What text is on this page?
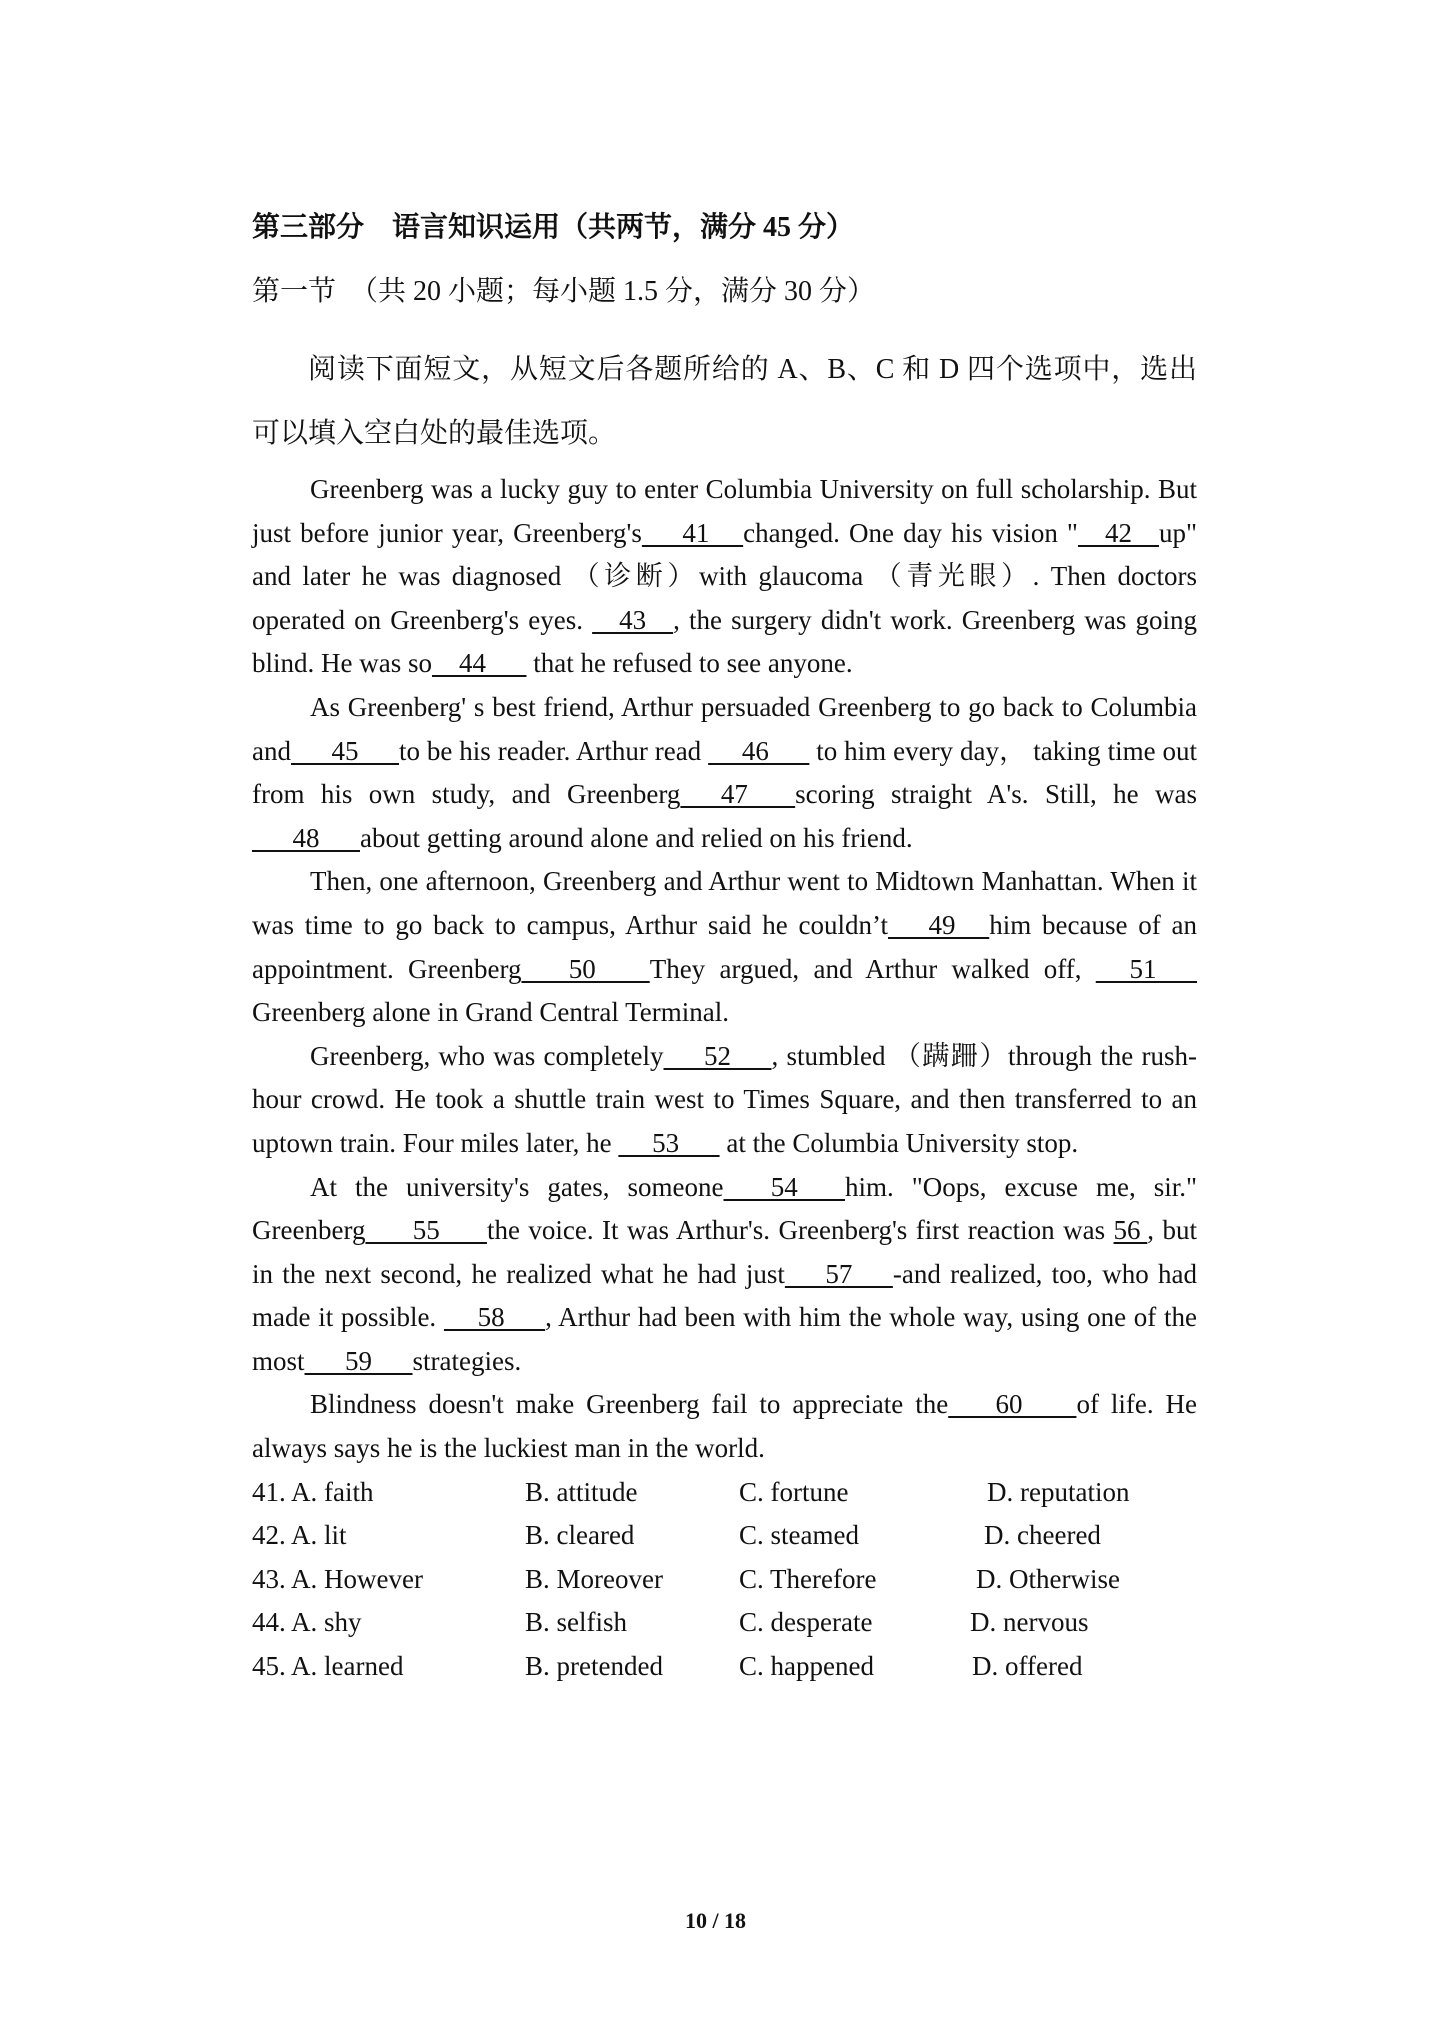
第三部分　语言知识运用（共两节，满分 45 分）
第一节　（共 20 小题；每小题 1.5 分，满分 30 分）
阅读下面短文，从短文后各题所给的 A、B、C 和 D 四个选项中，选出可以填入空白处的最佳选项。

Greenberg was a lucky guy to enter Columbia University on full scholarship. But just before junior year, Greenberg's      41     changed. One day his vision "    42    up" and later he was diagnosed （诊断）with glaucoma （青光眼）. Then doctors operated on Greenberg's eyes.     43    , the surgery didn't work. Greenberg was going blind. He was so    44       that he refused to see anyone.

As Greenberg' s best friend, Arthur persuaded Greenberg to go back to Columbia and      45      to be his reader. Arthur read      46       to him every day， taking time out from his own study, and Greenberg      47       scoring straight A's. Still, he was      48      about getting around alone and relied on his friend.

Then, one afternoon, Greenberg and Arthur went to Midtown Manhattan. When it was time to go back to campus, Arthur said he couldn’t      49     him because of an appointment. Greenberg       50        They argued, and Arthur walked off,      51      Greenberg alone in Grand Central Terminal.

Greenberg, who was completely      52      , stumbled （蹒跚）through the rush-hour crowd. He took a shuttle train west to Times Square, and then transferred to an uptown train. Four miles later, he      53       at the Columbia University stop.

At the university's gates, someone       54       him. "Oops, excuse me, sir." Greenberg       55       the voice. It was Arthur's. Greenberg's first reaction was 56 , but in the next second, he realized what he had just      57      -and realized, too, who had made it possible.      58      , Arthur had been with him the whole way, using one of the most      59      strategies.

Blindness doesn't make Greenberg fail to appreciate the       60        of life. He always says he is the luckiest man in the world.

41. A. faith	B. attitude	C. fortune	D. reputation
42. A. lit	B. cleared	C. steamed	D. cheered
43. A. However	B. Moreover	C. Therefore	D. Otherwise
44. A. shy	B. selfish	C. desperate	D. nervous
45. A. learned	B. pretended	C. happened	D. offered
10 / 18
